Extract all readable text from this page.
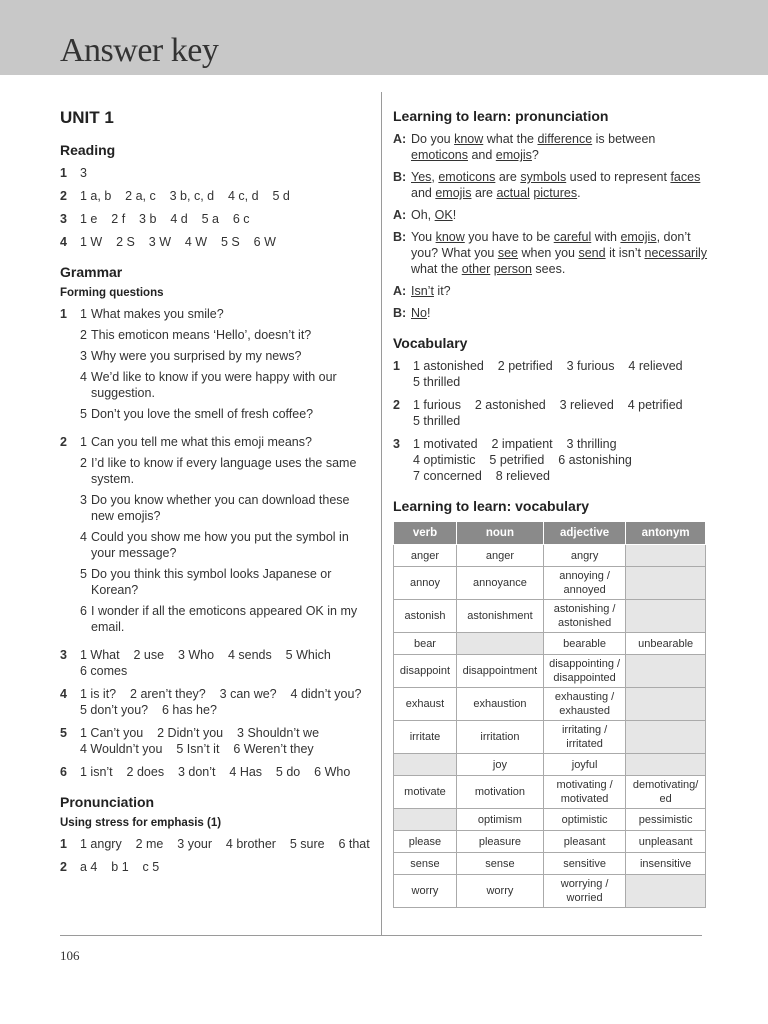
Answer key
UNIT 1
Reading
1	3
2	1 a, b    2 a, c    3 b, c, d    4 c, d    5 d
3	1 e    2 f    3 b    4 d    5 a    6 c
4	1 W    2 S    3 W    4 W    5 S    6 W
Grammar
Forming questions
1	1 What makes you smile?
2 This emoticon means ‘Hello’, doesn’t it?
3 Why were you surprised by my news?
4 We’d like to know if you were happy with our suggestion.
5 Don’t you love the smell of fresh coffee?
2	1 Can you tell me what this emoji means?
2 I’d like to know if every language uses the same system.
3 Do you know whether you can download these new emojis?
4 Could you show me how you put the symbol in your message?
5 Do you think this symbol looks Japanese or Korean?
6 I wonder if all the emoticons appeared OK in my email.
3	1 What    2 use    3 Who    4 sends    5 Which
6 comes
4	1 is it?    2 aren’t they?    3 can we?    4 didn’t you?
5 don’t you?    6 has he?
5	1 Can’t you    2 Didn’t you    3 Shouldn’t we
4 Wouldn’t you    5 Isn’t it    6 Weren’t they
6	1 isn’t    2 does    3 don’t    4 Has    5 do    6 Who
Pronunciation
Using stress for emphasis (1)
1	1 angry    2 me    3 your    4 brother    5 sure    6 that
2	a 4    b 1    c 5
Learning to learn: pronunciation
A: Do you know what the difference is between emoticons and emojis?
B: Yes, emoticons are symbols used to represent faces and emojis are actual pictures.
A: Oh, OK!
B: You know you have to be careful with emojis, don’t you? What you see when you send it isn’t necessarily what the other person sees.
A: Isn’t it?
B: No!
Vocabulary
1	1 astonished    2 petrified    3 furious    4 relieved
5 thrilled
2	1 furious    2 astonished    3 relieved    4 petrified
5 thrilled
3	1 motivated    2 impatient    3 thrilling
4 optimistic    5 petrified    6 astonishing
7 concerned    8 relieved
Learning to learn: vocabulary
verb	noun	adjective	antonym
anger	anger	angry	
annoy	annoyance	annoying / annoyed	
astonish	astonishment	astonishing / astonished	
bear		bearable	unbearable
disappoint	disappointment	disappointing / disappointed	
exhaust	exhaustion	exhausting / exhausted	
irritate	irritation	irritating / irritated	
	joy	joyful	
motivate	motivation	motivating / motivated	demotivating/ ed
	optimism	optimistic	pessimistic
please	pleasure	pleasant	unpleasant
sense	sense	sensitive	insensitive
worry	worry	worrying / worried	
106
